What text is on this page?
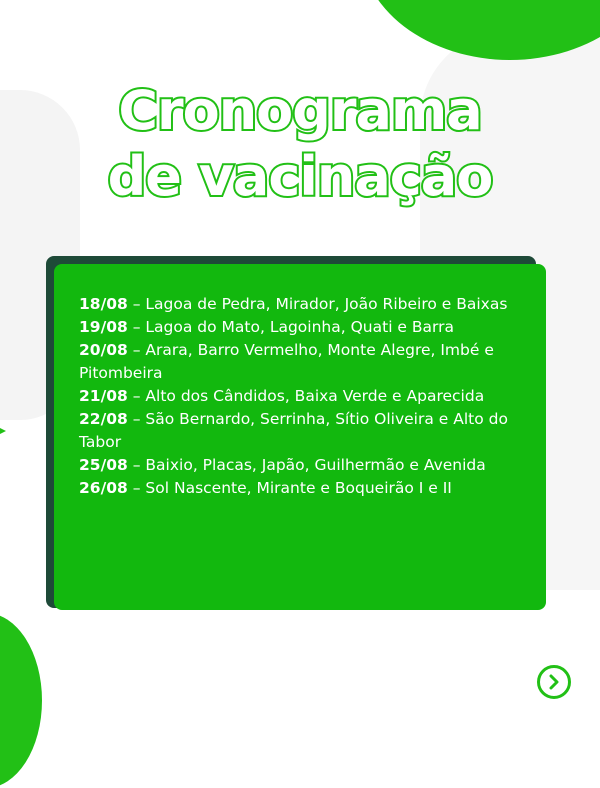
Cronograma
de vacinação
18/08 – Lagoa de Pedra, Mirador, João Ribeiro e Baixas
19/08 – Lagoa do Mato, Lagoinha, Quati e Barra
20/08 – Arara, Barro Vermelho, Monte Alegre, Imbé e Pitombeira
21/08 – Alto dos Cândidos, Baixa Verde e Aparecida
22/08 – São Bernardo, Serrinha, Sítio Oliveira e Alto do Tabor
25/08 – Baixio, Placas, Japão, Guilhermão e Avenida
26/08 – Sol Nascente, Mirante e Boqueirão I e II
